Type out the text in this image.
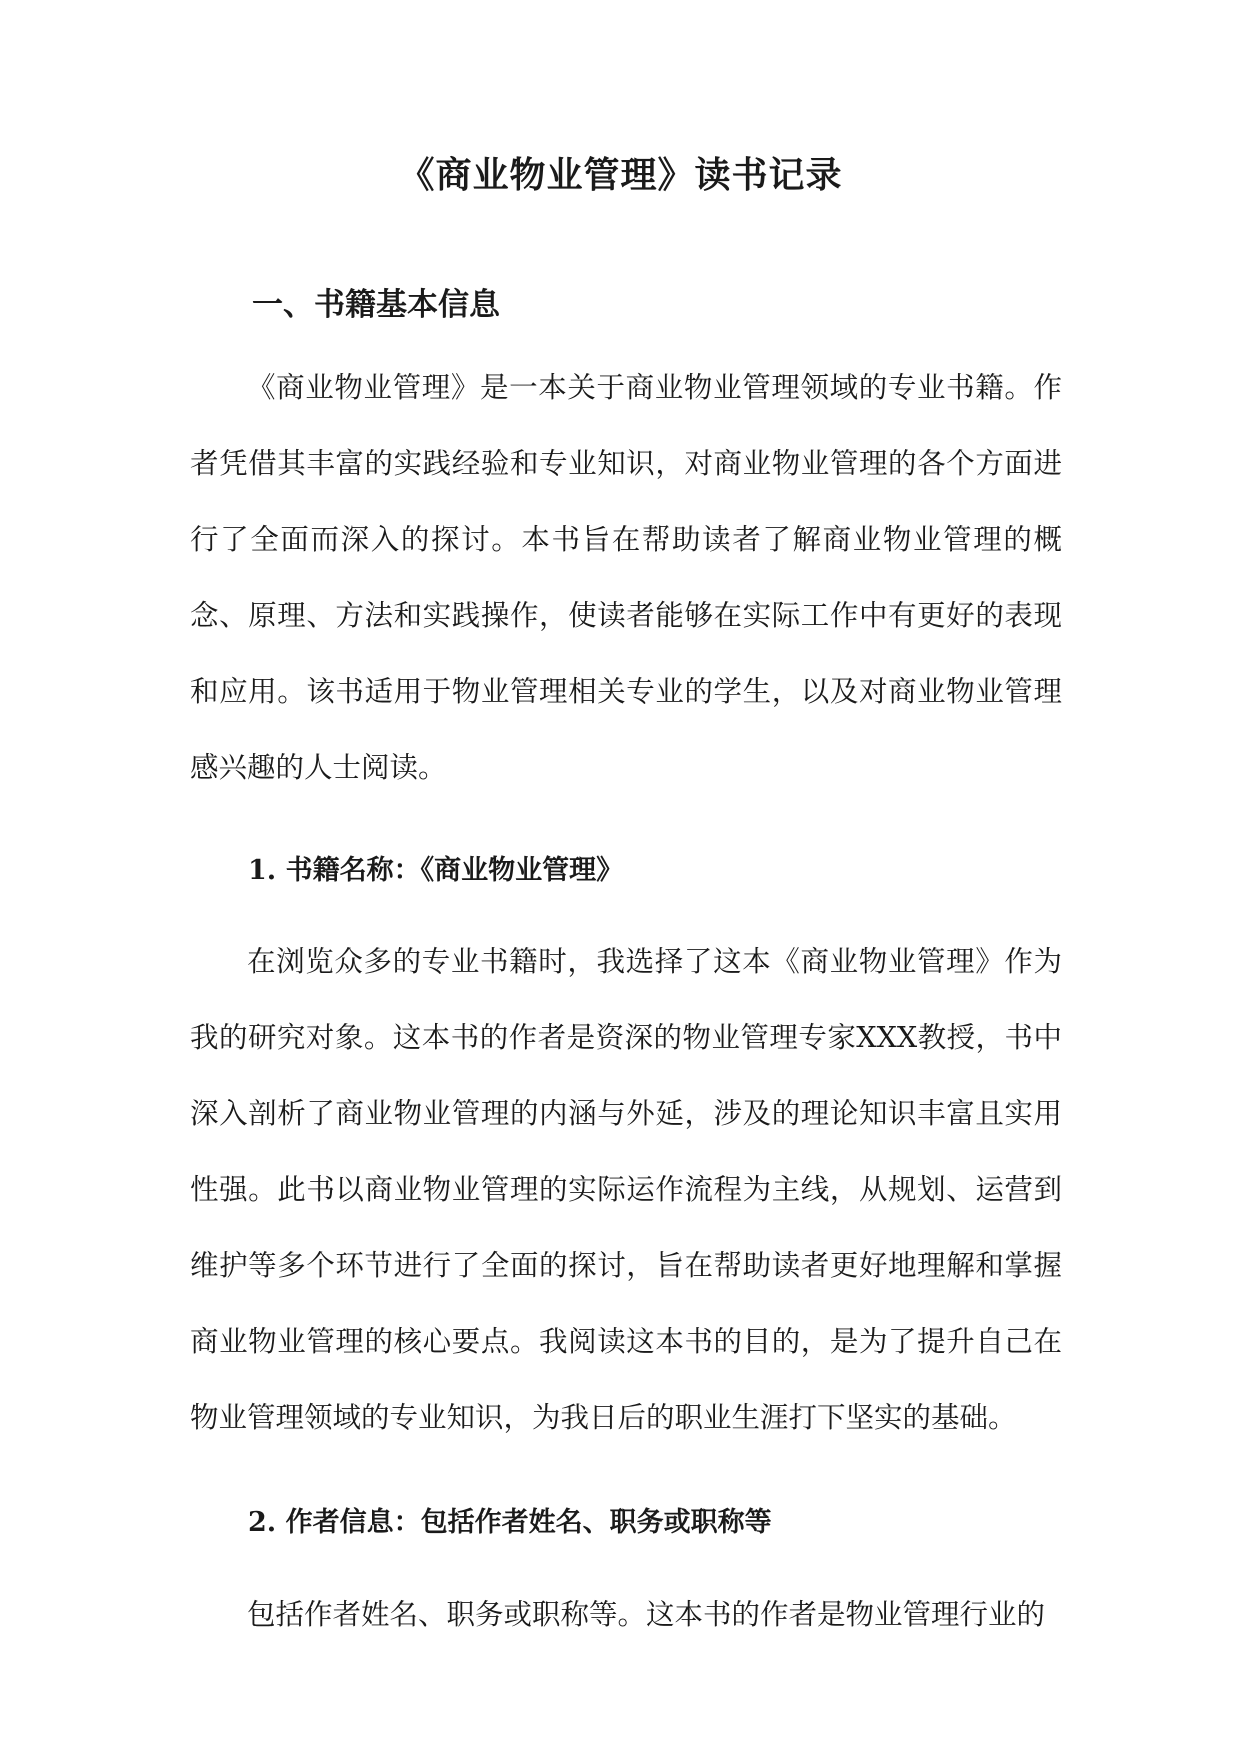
《商业物业管理》读书记录
一、书籍基本信息

《商业物业管理》是一本关于商业物业管理领域的专业书籍。作者凭借其丰富的实践经验和专业知识，对商业物业管理的各个方面进行了全面而深入的探讨。本书旨在帮助读者了解商业物业管理的概念、原理、方法和实践操作，使读者能够在实际工作中有更好的表现和应用。该书适用于物业管理相关专业的学生，以及对商业物业管理感兴趣的人士阅读。

1. 书籍名称：《商业物业管理》

在浏览众多的专业书籍时，我选择了这本《商业物业管理》作为我的研究对象。这本书的作者是资深的物业管理专家XXX教授，书中深入剖析了商业物业管理的内涵与外延，涉及的理论知识丰富且实用性强。此书以商业物业管理的实际运作流程为主线，从规划、运营到维护等多个环节进行了全面的探讨，旨在帮助读者更好地理解和掌握商业物业管理的核心要点。我阅读这本书的目的，是为了提升自己在物业管理领域的专业知识，为我日后的职业生涯打下坚实的基础。

2. 作者信息：包括作者姓名、职务或职称等

包括作者姓名、职务或职称等。这本书的作者是物业管理行业的
